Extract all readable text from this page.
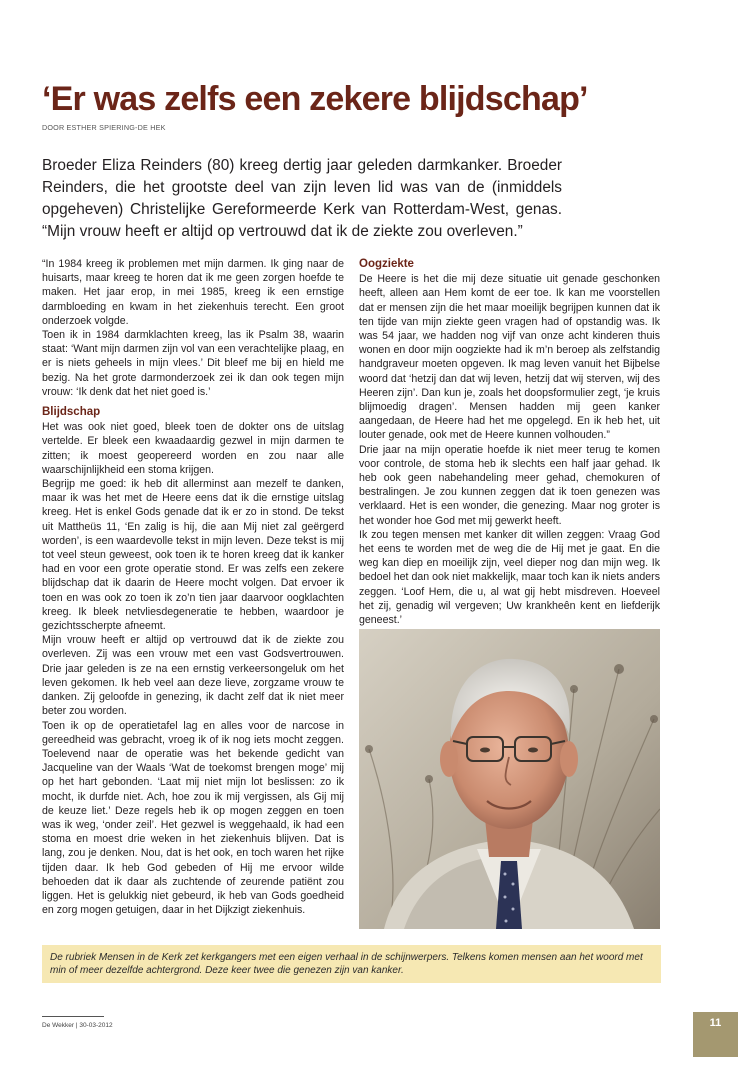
‘Er was zelfs een zekere blijdschap’
DOOR ESTHER SPIERING-DE HEK

Broeder Eliza Reinders (80) kreeg dertig jaar geleden darmkanker. Broeder Reinders, die het grootste deel van zijn leven lid was van de (inmiddels opgeheven) Christelijke Gereformeerde Kerk van Rotterdam-West, genas. “Mijn vrouw heeft er altijd op vertrouwd dat ik de ziekte zou overleven.”

“In 1984 kreeg ik problemen met mijn darmen. Ik ging naar de huisarts, maar kreeg te horen dat ik me geen zorgen hoefde te maken. Het jaar erop, in mei 1985, kreeg ik een ernstige darmbloeding en kwam in het ziekenhuis terecht. Een groot onderzoek volgde.

Toen ik in 1984 darmklachten kreeg, las ik Psalm 38, waarin staat: ‘Want mijn darmen zijn vol van een verachtelijke plaag, en er is niets geheels in mijn vlees.’ Dit bleef me bij en hield me bezig. Na het grote darmonderzoek zei ik dan ook tegen mijn vrouw: ‘Ik denk dat het niet goed is.’

Blijdschap

Het was ook niet goed, bleek toen de dokter ons de uitslag vertelde. Er bleek een kwaadaardig gezwel in mijn darmen te zitten; ik moest geopereerd worden en zou naar alle waarschijnlijkheid een stoma krijgen.

Begrijp me goed: ik heb dit allerminst aan mezelf te danken, maar ik was het met de Heere eens dat ik die ernstige uitslag kreeg. Het is enkel Gods genade dat ik er zo in stond. De tekst uit Mattheüs 11, ‘En zalig is hij, die aan Mij niet zal geërgerd worden’, is een waardevolle tekst in mijn leven. Deze tekst is mij tot veel steun geweest, ook toen ik te horen kreeg dat ik kanker had en voor een grote operatie stond. Er was zelfs een zekere blijdschap dat ik daarin de Heere mocht volgen. Dat ervoer ik toen en was ook zo toen ik zo’n tien jaar daarvoor oogklachten kreeg. Ik bleek netvliesdegeneratie te hebben, waardoor je gezichtsscherpte afneemt.

Mijn vrouw heeft er altijd op vertrouwd dat ik de ziekte zou overleven. Zij was een vrouw met een vast Godsvertrouwen. Drie jaar geleden is ze na een ernstig verkeersongeluk om het leven gekomen. Ik heb veel aan deze lieve, zorgzame vrouw te danken. Zij geloofde in genezing, ik dacht zelf dat ik niet meer beter zou worden.

Toen ik op de operatietafel lag en alles voor de narcose in gereedheid was gebracht, vroeg ik of ik nog iets mocht zeggen. Toelevend naar de operatie was het bekende gedicht van Jacqueline van der Waals ‘Wat de toekomst brengen moge’ mij op het hart gebonden. ‘Laat mij niet mijn lot beslissen: zo ik mocht, ik durfde niet. Ach, hoe zou ik mij vergissen, als Gij mij de keuze liet.’ Deze regels heb ik op mogen zeggen en toen was ik weg, ‘onder zeil’. Het gezwel is weggehaald, ik had een stoma en moest drie weken in het ziekenhuis blijven. Dat is lang, zou je denken. Nou, dat is het ook, en toch waren het rijke tijden daar. Ik heb God gebeden of Hij me ervoor wilde behoeden dat ik daar als zuchtende of zeurende patiënt zou liggen. Het is gelukkig niet gebeurd, ik heb van Gods goedheid en zorg mogen getuigen, daar in het Dijkzigt ziekenhuis.

Oogziekte

De Heere is het die mij deze situatie uit genade geschonken heeft, alleen aan Hem komt de eer toe. Ik kan me voorstellen dat er mensen zijn die het maar moeilijk begrijpen kunnen dat ik ten tijde van mijn ziekte geen vragen had of opstandig was. Ik was 54 jaar, we hadden nog vijf van onze acht kinderen thuis wonen en door mijn oogziekte had ik m’n beroep als zelfstandig handgraveur moeten opgeven. Ik mag leven vanuit het Bijbelse woord dat ‘hetzij dan dat wij leven, hetzij dat wij sterven, wij des Heeren zijn’. Dan kun je, zoals het doopsformulier zegt, ‘je kruis blijmoedig dragen’. Mensen hadden mij geen kanker aangedaan, de Heere had het me opgelegd. En ik heb het, uit louter genade, ook met de Heere kunnen volhouden.”

Drie jaar na mijn operatie hoefde ik niet meer terug te komen voor controle, de stoma heb ik slechts een half jaar gehad. Ik heb ook geen nabehandeling meer gehad, chemokuren of bestralingen. Je zou kunnen zeggen dat ik toen genezen was verklaard. Het is een wonder, die genezing. Maar nog groter is het wonder hoe God met mij gewerkt heeft.

Ik zou tegen mensen met kanker dit willen zeggen: Vraag God het eens te worden met de weg die de Hij met je gaat. En die weg kan diep en moeilijk zijn, veel dieper nog dan mijn weg. Ik bedoel het dan ook niet makkelijk, maar toch kan ik niets anders zeggen. ‘Loof Hem, die u, al wat gij hebt misdreven. Hoeveel het zij, genadig wil vergeven; Uw krankheên kent en liefderijk geneest.’

De rubriek Mensen in de Kerk zet kerkgangers met een eigen verhaal in de schijnwerpers. Telkens komen mensen aan het woord met min of meer dezelfde achtergrond. Deze keer twee die genezen zijn van kanker.
De Wekker | 30-03-2012	11
